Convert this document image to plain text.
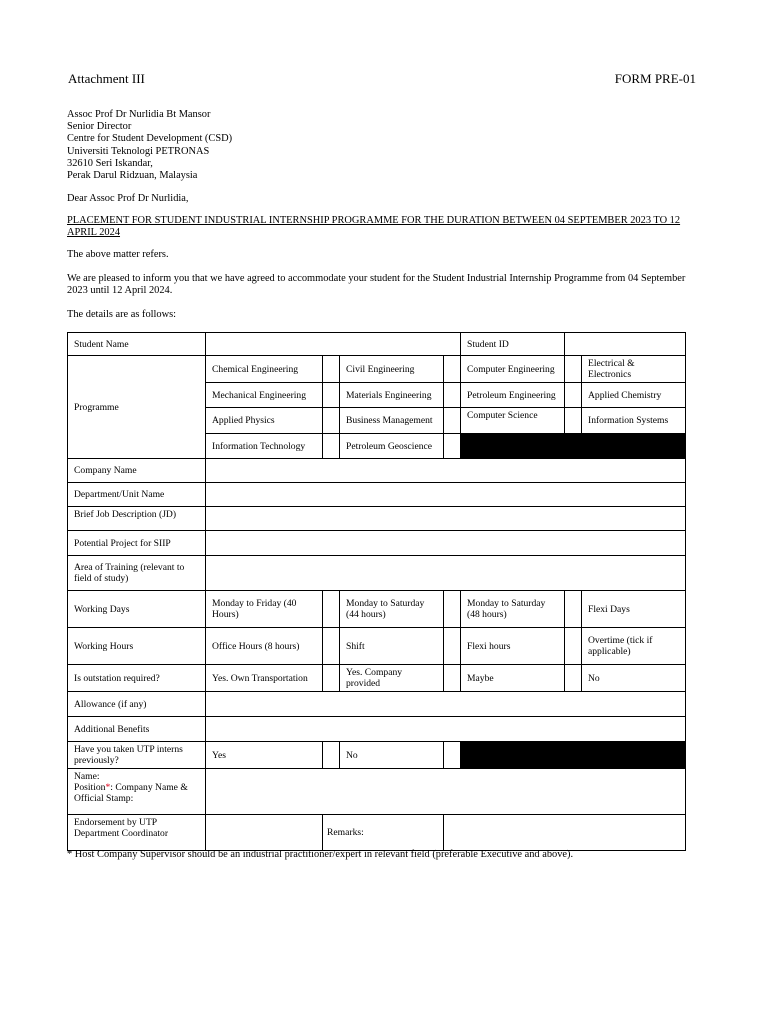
Attachment III	FORM PRE-01
Assoc Prof Dr Nurlidia Bt Mansor
Senior Director
Centre for Student Development (CSD)
Universiti Teknologi PETRONAS
32610 Seri Iskandar,
Perak Darul Ridzuan, Malaysia
Dear Assoc Prof Dr Nurlidia,
PLACEMENT FOR STUDENT INDUSTRIAL INTERNSHIP PROGRAMME FOR THE DURATION BETWEEN 04 SEPTEMBER 2023 TO 12 APRIL 2024
The above matter refers.
We are pleased to inform you that we have agreed to accommodate your student for the Student Industrial Internship Programme from 04 September 2023 until 12 April 2024.
The details are as follows:
Student Name					Student ID		
Programme	Chemical Engineering		Civil Engineering		Computer Engineering		Electrical & Electronics
	Mechanical Engineering		Materials Engineering		Petroleum Engineering		Applied Chemistry
	Applied Physics		Business Management		Computer Science		Information Systems
	Information Technology		Petroleum Geoscience				
Company Name							
Department/Unit Name							
Brief Job Description (JD)							
Potential Project for SIIP							
Area of Training (relevant to field of study)							
Working Days	Monday to Friday (40 Hours)		Monday to Saturday (44 hours)		Monday to Saturday (48 hours)		Flexi Days
Working Hours	Office Hours (8 hours)		Shift		Flexi hours		Overtime (tick if applicable)
Is outstation required?	Yes. Own Transportation		Yes. Company provided		Maybe		No
Allowance (if any)							
Additional Benefits							
Have you taken UTP interns previously?	Yes		No				

Name:
Position*: Company Name &
Official Stamp:							

Endorsement by UTP Department Coordinator		Remarks:					
* Host Company Supervisor should be an industrial practitioner/expert in relevant field (preferable Executive and above).
